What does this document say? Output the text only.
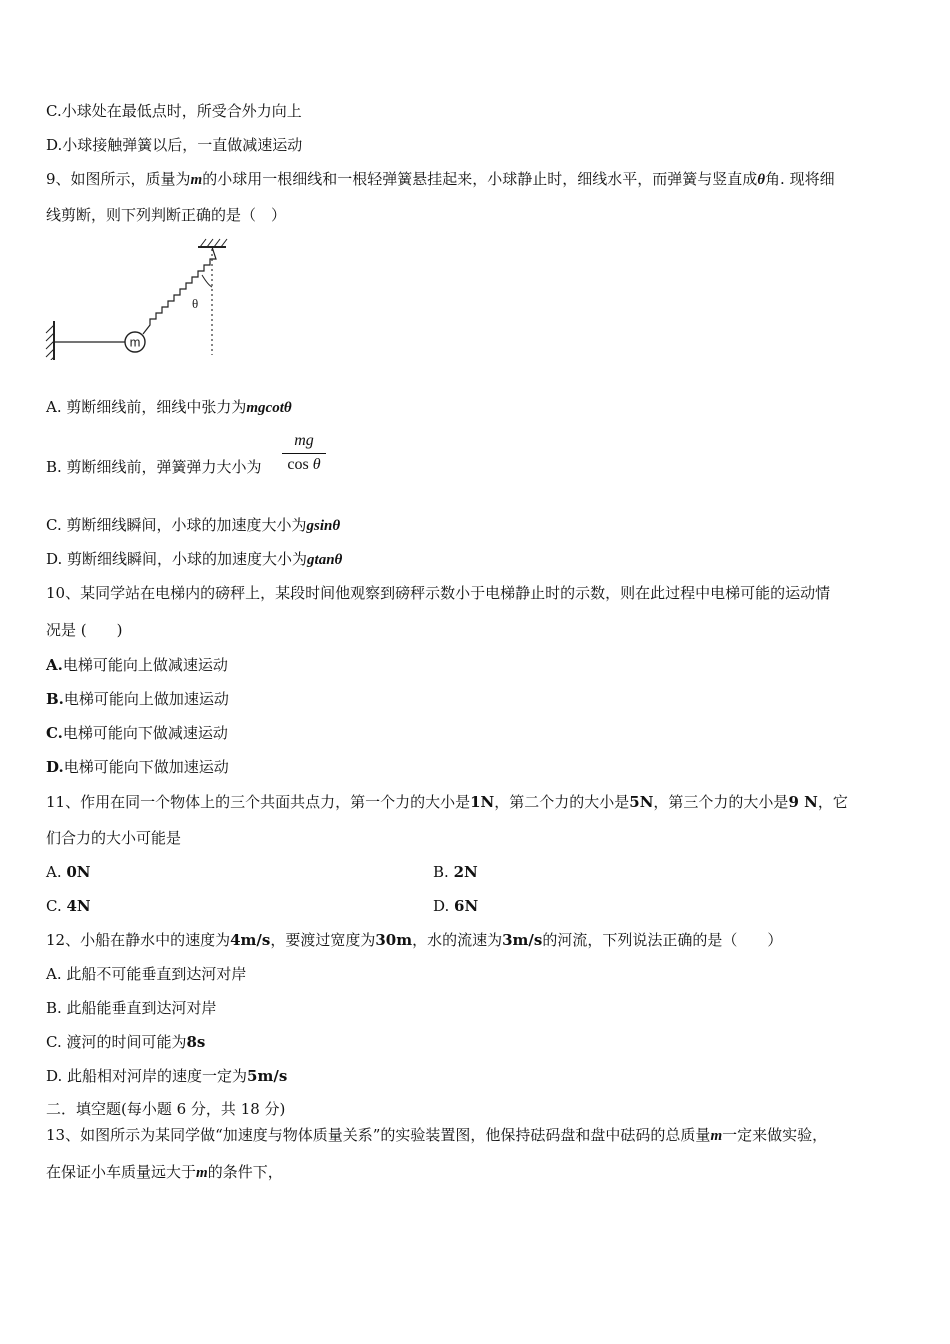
C.小球处在最低点时，所受合外力向上
D.小球接触弹簧以后，一直做减速运动
9、如图所示，质量为m的小球用一根细线和一根轻弹簧悬挂起来，小球静止时，细线水平，而弹簧与竖直成θ角. 现将细
线剪断，则下列判断正确的是（　）
m
θ
A. 剪断细线前，细线中张力为mgcotθ
B. 剪断细线前，弹簧弹力大小为
mg
cos θ
C. 剪断细线瞬间，小球的加速度大小为gsinθ
D. 剪断细线瞬间，小球的加速度大小为gtanθ
10、某同学站在电梯内的磅秤上，某段时间他观察到磅秤示数小于电梯静止时的示数，则在此过程中电梯可能的运动情
况是 (　　)
A.电梯可能向上做减速运动
B.电梯可能向上做加速运动
C.电梯可能向下做减速运动
D.电梯可能向下做加速运动
11、作用在同一个物体上的三个共面共点力，第一个力的大小是1N，第二个力的大小是5N，第三个力的大小是9 N，它
们合力的大小可能是
A. 0N	B. 2N
C. 4N	D. 6N
12、小船在静水中的速度为4m/s，要渡过宽度为30m，水的流速为3m/s的河流，下列说法正确的是（　　）
A. 此船不可能垂直到达河对岸
B. 此船能垂直到达河对岸
C. 渡河的时间可能为8s
D. 此船相对河岸的速度一定为5m/s
二．填空题(每小题 6 分，共 18 分)
13、如图所示为某同学做“加速度与物体质量关系”的实验装置图，他保持砝码盘和盘中砝码的总质量m一定来做实验，
在保证小车质量远大于m的条件下，
